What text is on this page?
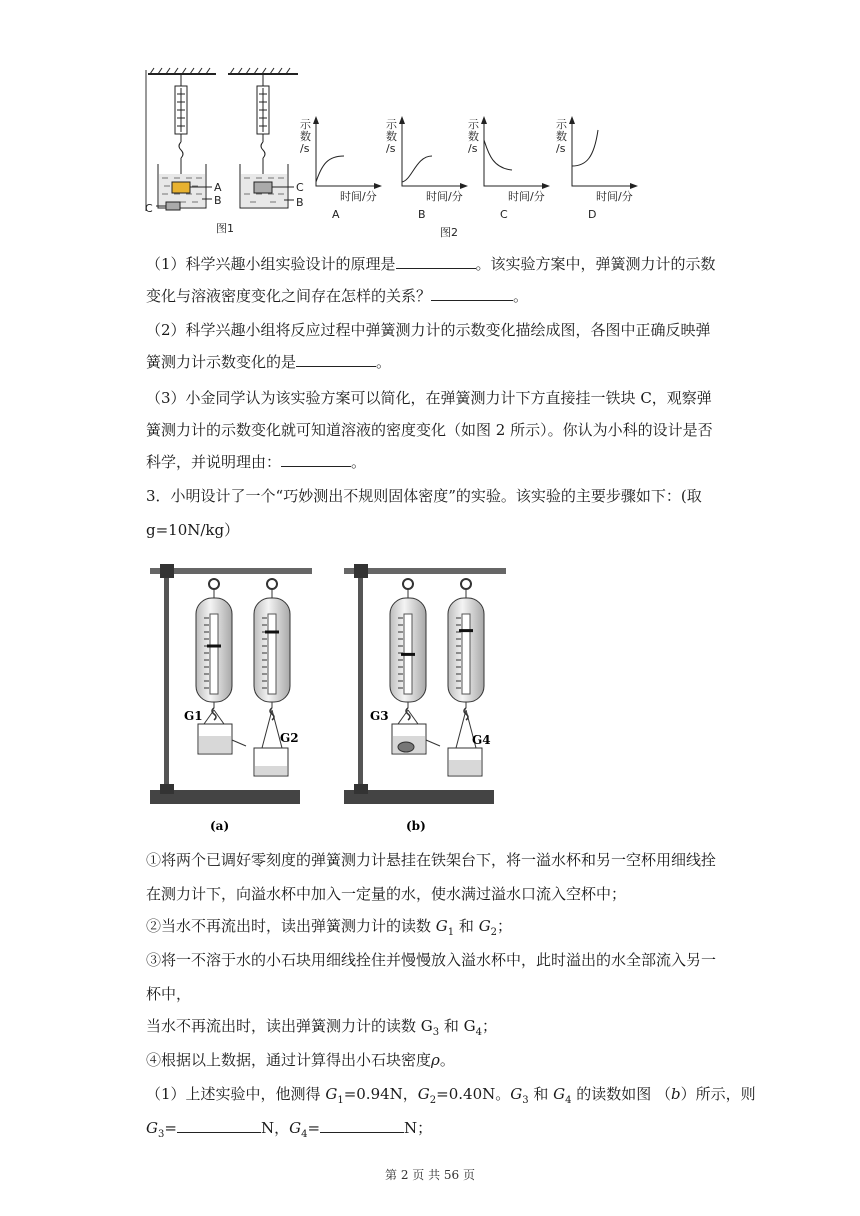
A
B
C
图1
C
B
示
数
/s
时间/分
A
示
数
/s
时间/分
B
示
数
/s
时间/分
C
示
数
/s
时间/分
D
图2
（1）科学兴趣小组实验设计的原理是	。该实验方案中，弹簧测力计的示数
变化与溶液密度变化之间存在怎样的关系？	。
（2）科学兴趣小组将反应过程中弹簧测力计的示数变化描绘成图，各图中正确反映弹
簧测力计示数变化的是	。
（3）小金同学认为该实验方案可以简化，在弹簧测力计下方直接挂一铁块 C，观察弹
簧测力计的示数变化就可知道溶液的密度变化（如图 2 所示）。你认为小科的设计是否
科学，并说明理由：	。
3．小明设计了一个“巧妙测出不规则固体密度”的实验。该实验的主要步骤如下：(取
g=10N/kg）
G1
G2
G3
G4
(a)	(b)
①将两个已调好零刻度的弹簧测力计悬挂在铁架台下，将一溢水杯和另一空杯用细线拴
在测力计下，向溢水杯中加入一定量的水，使水满过溢水口流入空杯中；
②当水不再流出时，读出弹簧测力计的读数 $G_1$ 和 $G_2$；
③将一不溶于水的小石块用细线拴住并慢慢放入溢水杯中，此时溢出的水全部流入另一
杯中，
当水不再流出时，读出弹簧测力计的读数 $G_3$ 和 $G_4$；
④根据以上数据，通过计算得出小石块密度ρ。
（1）上述实验中，他测得 $G_1=0.94N$，$G_2=0.40N$。$G_3$ 和 $G_4$ 的读数如图 （b）所示，则
$G_3=$	N，$G_4=$	N；
第 2 页 共 56 页
